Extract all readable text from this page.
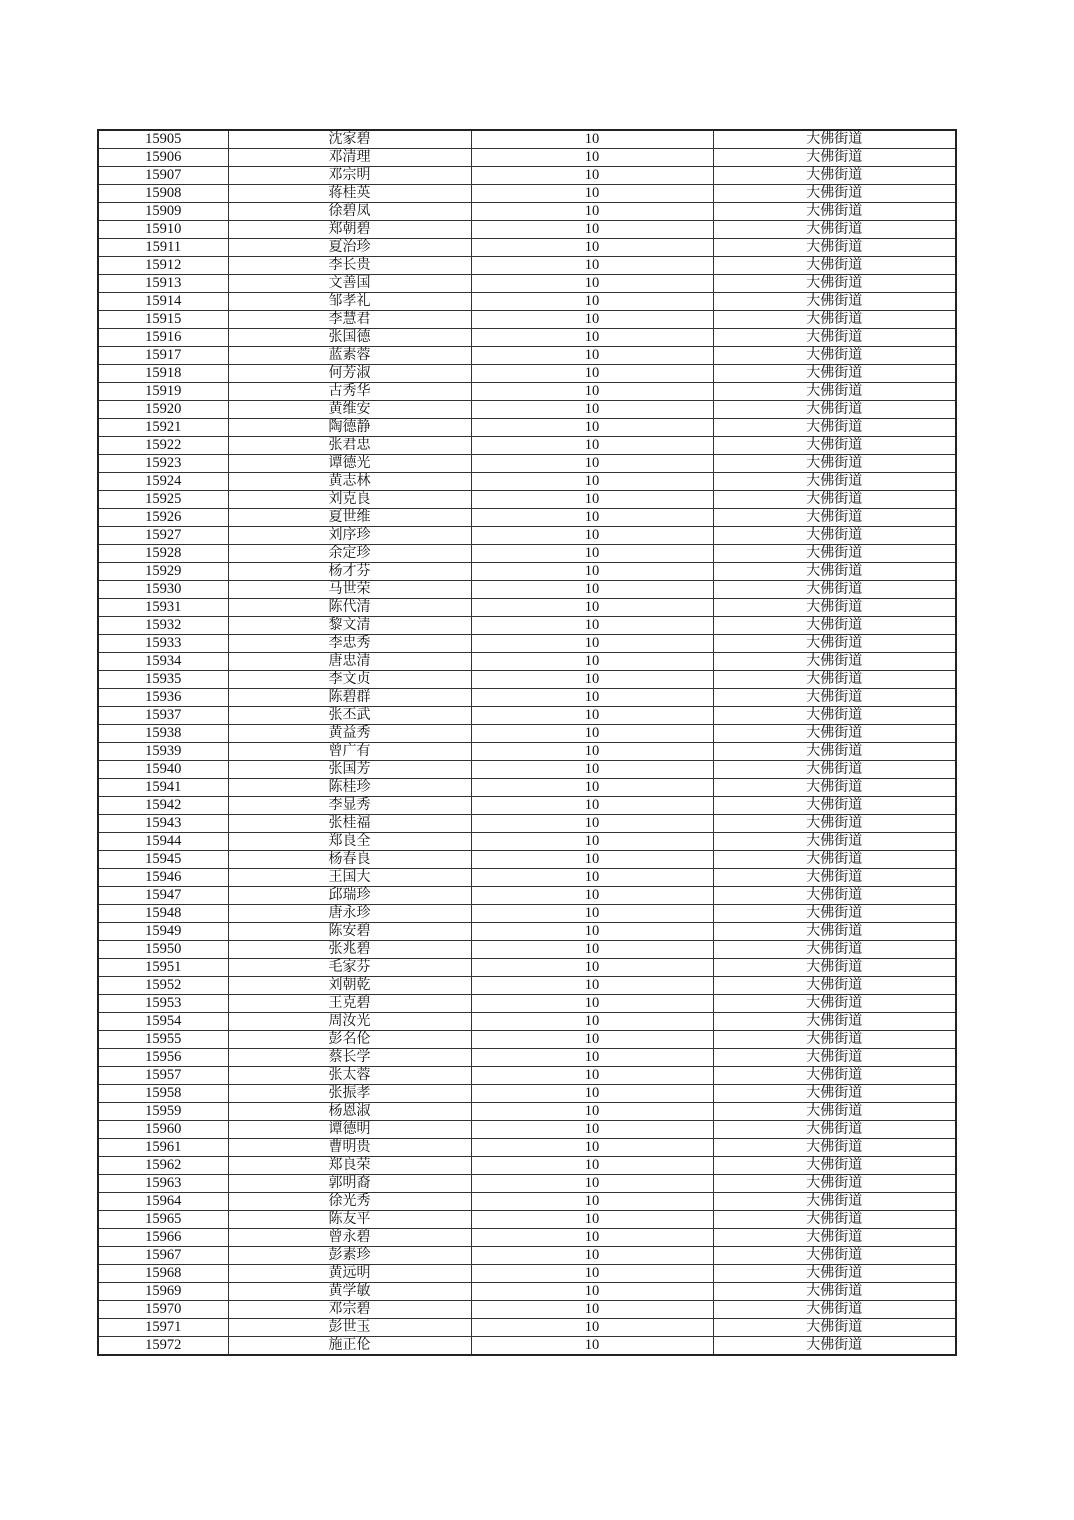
15905	沈家碧	10	大佛街道
15906	邓清理	10	大佛街道
15907	邓宗明	10	大佛街道
15908	蒋桂英	10	大佛街道
15909	徐碧凤	10	大佛街道
15910	郑朝碧	10	大佛街道
15911	夏治珍	10	大佛街道
15912	李长贵	10	大佛街道
15913	文善国	10	大佛街道
15914	邹孝礼	10	大佛街道
15915	李慧君	10	大佛街道
15916	张国德	10	大佛街道
15917	蓝素蓉	10	大佛街道
15918	何芳淑	10	大佛街道
15919	古秀华	10	大佛街道
15920	黄维安	10	大佛街道
15921	陶德静	10	大佛街道
15922	张君忠	10	大佛街道
15923	谭德光	10	大佛街道
15924	黄志林	10	大佛街道
15925	刘克良	10	大佛街道
15926	夏世维	10	大佛街道
15927	刘序珍	10	大佛街道
15928	余定珍	10	大佛街道
15929	杨才芬	10	大佛街道
15930	马世荣	10	大佛街道
15931	陈代清	10	大佛街道
15932	黎文清	10	大佛街道
15933	李忠秀	10	大佛街道
15934	唐忠清	10	大佛街道
15935	李文贞	10	大佛街道
15936	陈碧群	10	大佛街道
15937	张丕武	10	大佛街道
15938	黄益秀	10	大佛街道
15939	曾广有	10	大佛街道
15940	张国芳	10	大佛街道
15941	陈桂珍	10	大佛街道
15942	李显秀	10	大佛街道
15943	张桂福	10	大佛街道
15944	郑良全	10	大佛街道
15945	杨春良	10	大佛街道
15946	王国大	10	大佛街道
15947	邱瑞珍	10	大佛街道
15948	唐永珍	10	大佛街道
15949	陈安碧	10	大佛街道
15950	张兆碧	10	大佛街道
15951	毛家芬	10	大佛街道
15952	刘朝乾	10	大佛街道
15953	王克碧	10	大佛街道
15954	周汝光	10	大佛街道
15955	彭名伦	10	大佛街道
15956	蔡长学	10	大佛街道
15957	张太蓉	10	大佛街道
15958	张振孝	10	大佛街道
15959	杨恩淑	10	大佛街道
15960	谭德明	10	大佛街道
15961	曹明贵	10	大佛街道
15962	郑良荣	10	大佛街道
15963	郭明裔	10	大佛街道
15964	徐光秀	10	大佛街道
15965	陈友平	10	大佛街道
15966	曾永碧	10	大佛街道
15967	彭素珍	10	大佛街道
15968	黄远明	10	大佛街道
15969	黄学敏	10	大佛街道
15970	邓宗碧	10	大佛街道
15971	彭世玉	10	大佛街道
15972	施正伦	10	大佛街道
